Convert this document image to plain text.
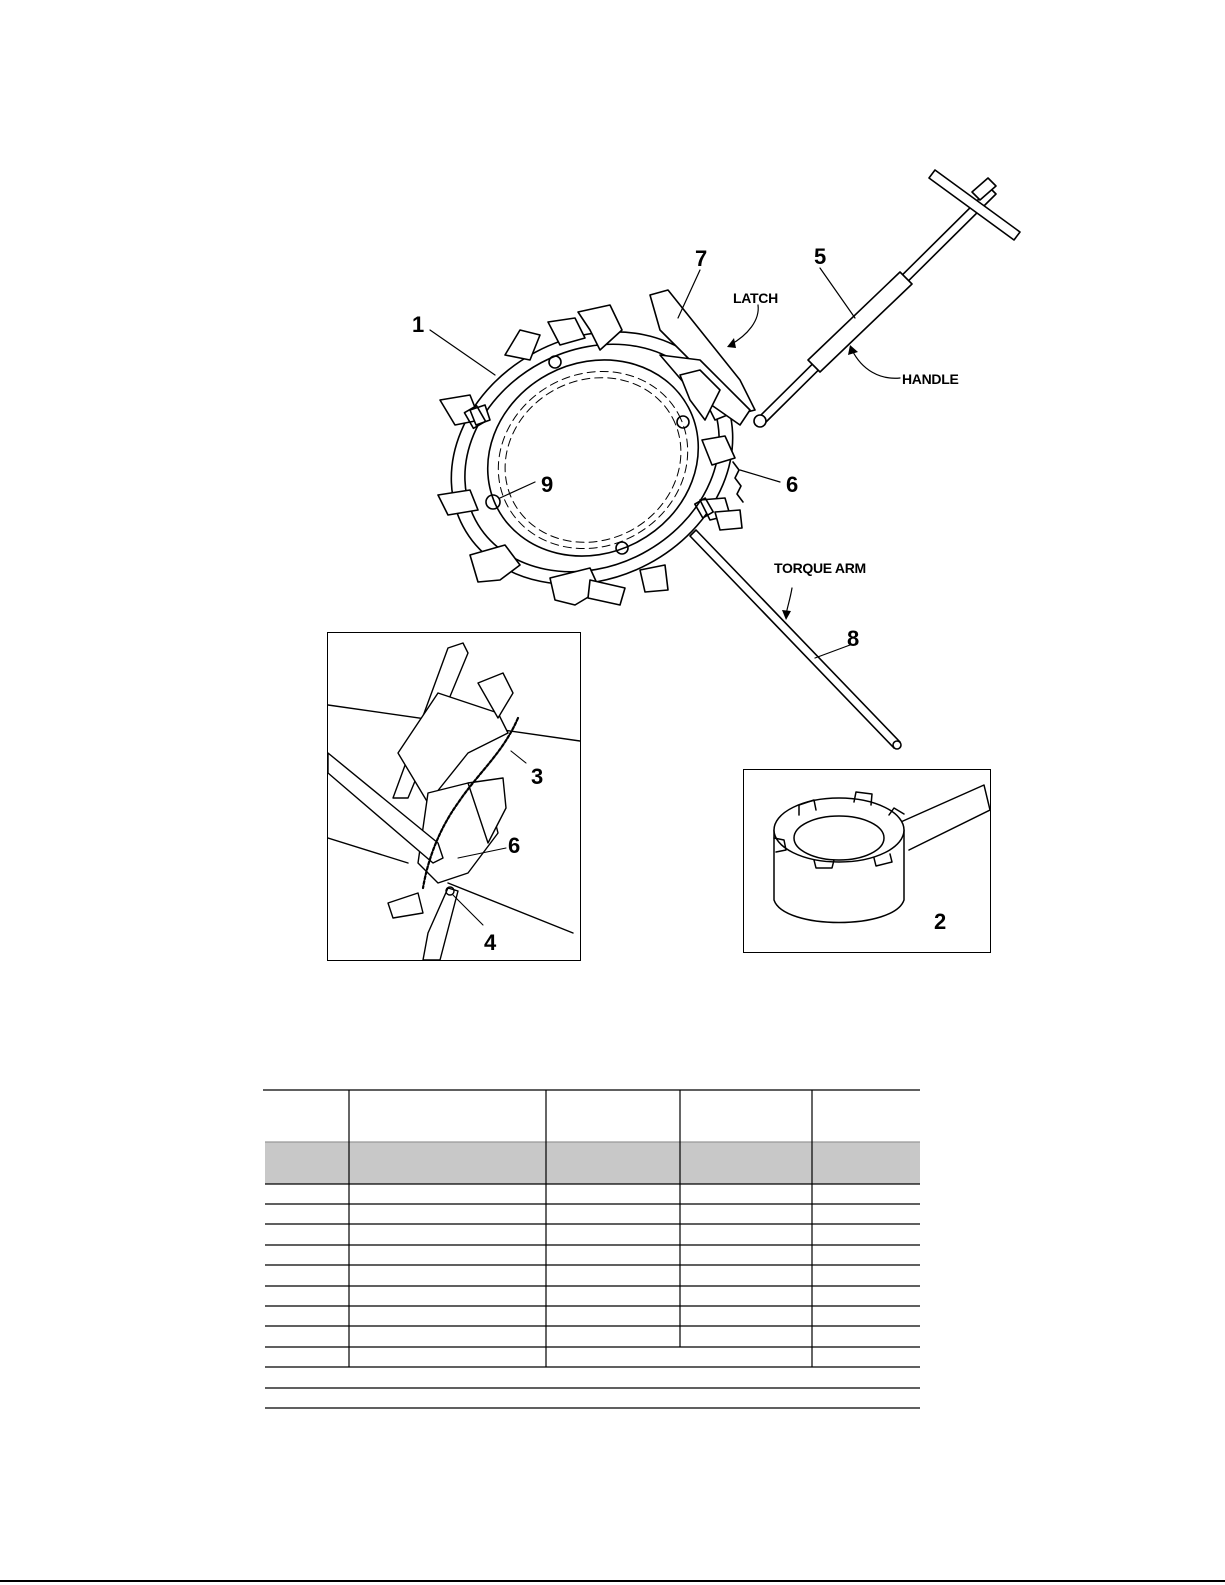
1
7	5
6
9
8
LATCH
HANDLE
TORQUE ARM
3
6
4
2
